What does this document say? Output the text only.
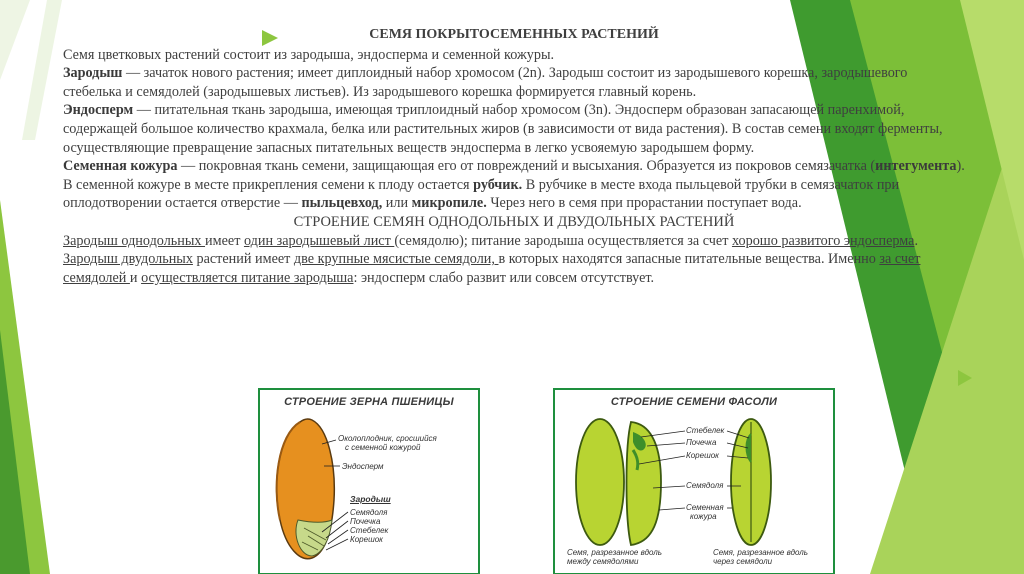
СЕМЯ ПОКРЫТОСЕМЕННЫХ РАСТЕНИЙ

Семя цветковых растений состоит из зародыша, эндосперма и семенной кожуры.

Зародыш — зачаток нового растения; имеет диплоидный набор хромосом (2n). Зародыш состоит из зародышевого корешка, зародышевого стебелька и семядолей (зародышевых листьев). Из зародышевого корешка формируется главный корень.

Эндосперм — питательная ткань зародыша, имеющая триплоидный набор хромосом (3n). Эндосперм образован запасающей паренхимой, содержащей большое количество крахмала, белка или растительных жиров (в зависимости от вида растения). В состав семени входят ферменты, осуществляющие превращение запасных питательных веществ эндосперма в легко усвояемую зародышем форму.

Семенная кожура — покровная ткань семени, защищающая его от повреждений и высыхания. Образуется из покровов семязачатка (интегумента). В семенной кожуре в месте прикрепления семени к плоду остается рубчик. В рубчике в месте входа пыльцевой трубки в семязачаток при оплодотворении остается отверстие — пыльцевход, или микропиле. Через него в семя при прорастании поступает вода.

СТРОЕНИЕ СЕМЯН ОДНОДОЛЬНЫХ И ДВУДОЛЬНЫХ РАСТЕНИЙ

Зародыш однодольных имеет один зародышевый лист (семядолю); питание зародыша осуществляется за счет хорошо развитого эндосперма. Зародыш двудольных растений имеет две крупные мясистые семядоли, в которых находятся запасные питательные вещества. Именно за счет семядолей и осуществляется питание зародыша: эндосперм слабо развит или совсем отсутствует.

СТРОЕНИЕ ЗЕРНА ПШЕНИЦЫ
Околоплодник, сросшийся
с семенной кожурой
Эндосперм
Зародыш
Семядоля
Почечка
Стебелек
Корешок
СТРОЕНИЕ СЕМЕНИ ФАСОЛИ
Стебелек
Почечка
Корешок
Семядоля
Семенная
кожура
Семя, разрезанное вдоль
между семядолями
Семя, разрезанное вдоль
через семядоли
